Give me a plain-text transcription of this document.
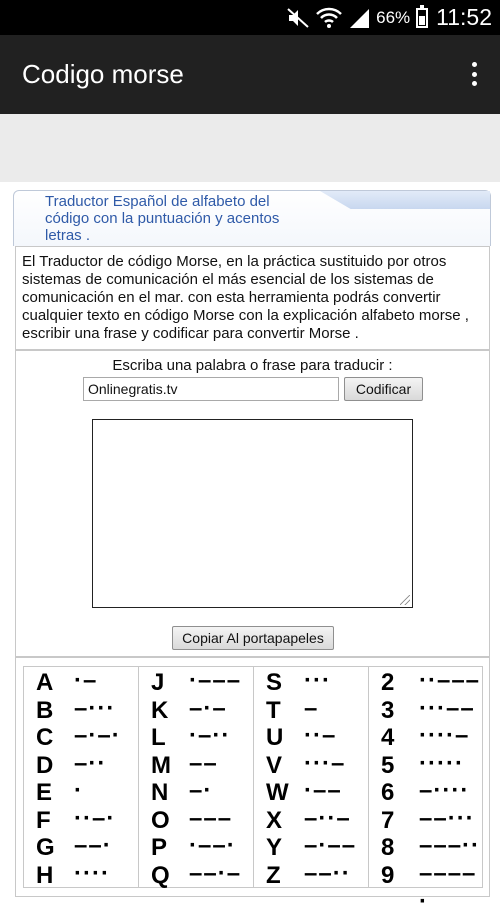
66% 11:52
Codigo morse
Traductor Español de alfabeto del código con la puntuación y acentos letras .
El Traductor de código Morse, en la práctica sustituido por otros sistemas de comunicación el más esencial de los sistemas de comunicación en el mar. con esta herramienta podrás convertir cualquier texto en código Morse con la explicación alfabeto morse , escribir una frase y codificar para convertir Morse .
Escriba una palabra o frase para traducir :
Onlinegratis.tv
Codificar
Copiar Al portapapeles
A ·– J ·––– S ··· 2 ··–––
B –··· K –·– T –	3 ···––
C –·–· L ·–·· U ··– 4 ····–
D –·· M –– V ···– 5 ·····
E ·	N –· W ·–– 6 –····
F ··–· O ––– X –··– 7 ––···
G ––· P ·––· Y –·–– 8 –––··
H ···· Q ––·– Z ––·· 9 ––––·
